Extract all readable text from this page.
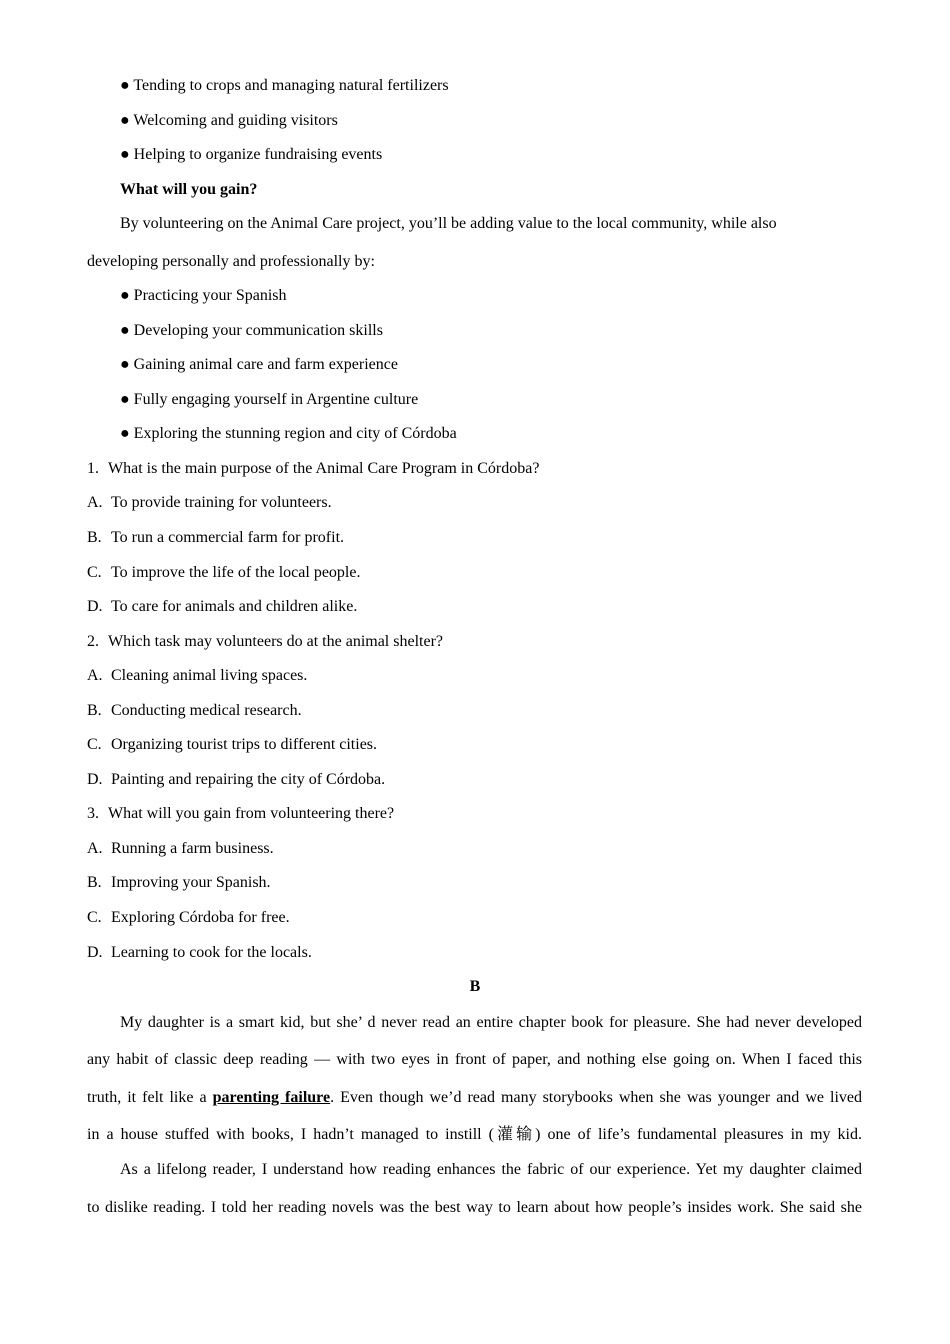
● Tending to crops and managing natural fertilizers
● Welcoming and guiding visitors
● Helping to organize fundraising events
What will you gain?
By volunteering on the Animal Care project, you’ll be adding value to the local community, while also
developing personally and professionally by:
● Practicing your Spanish
● Developing your communication skills
● Gaining animal care and farm experience
● Fully engaging yourself in Argentine culture
● Exploring the stunning region and city of Córdoba
1. What is the main purpose of the Animal Care Program in Córdoba?
A. To provide training for volunteers.
B. To run a commercial farm for profit.
C. To improve the life of the local people.
D. To care for animals and children alike.
2. Which task may volunteers do at the animal shelter?
A. Cleaning animal living spaces.
B. Conducting medical research.
C. Organizing tourist trips to different cities.
D. Painting and repairing the city of Córdoba.
3. What will you gain from volunteering there?
A. Running a farm business.
B. Improving your Spanish.
C. Exploring Córdoba for free.
D. Learning to cook for the locals.
B
My daughter is a smart kid, but she’ d never read an entire chapter book for pleasure. She had never developed
any habit of classic deep reading — with two eyes in front of paper, and nothing else going on. When I faced this
truth, it felt like a parenting failure. Even though we’d read many storybooks when she was younger and we lived
in a house stuffed with books, I hadn’t managed to instill (灌输) one of life’s fundamental pleasures in my kid.
As a lifelong reader, I understand how reading enhances the fabric of our experience. Yet my daughter claimed
to dislike reading. I told her reading novels was the best way to learn about how people’s insides work. She said she
